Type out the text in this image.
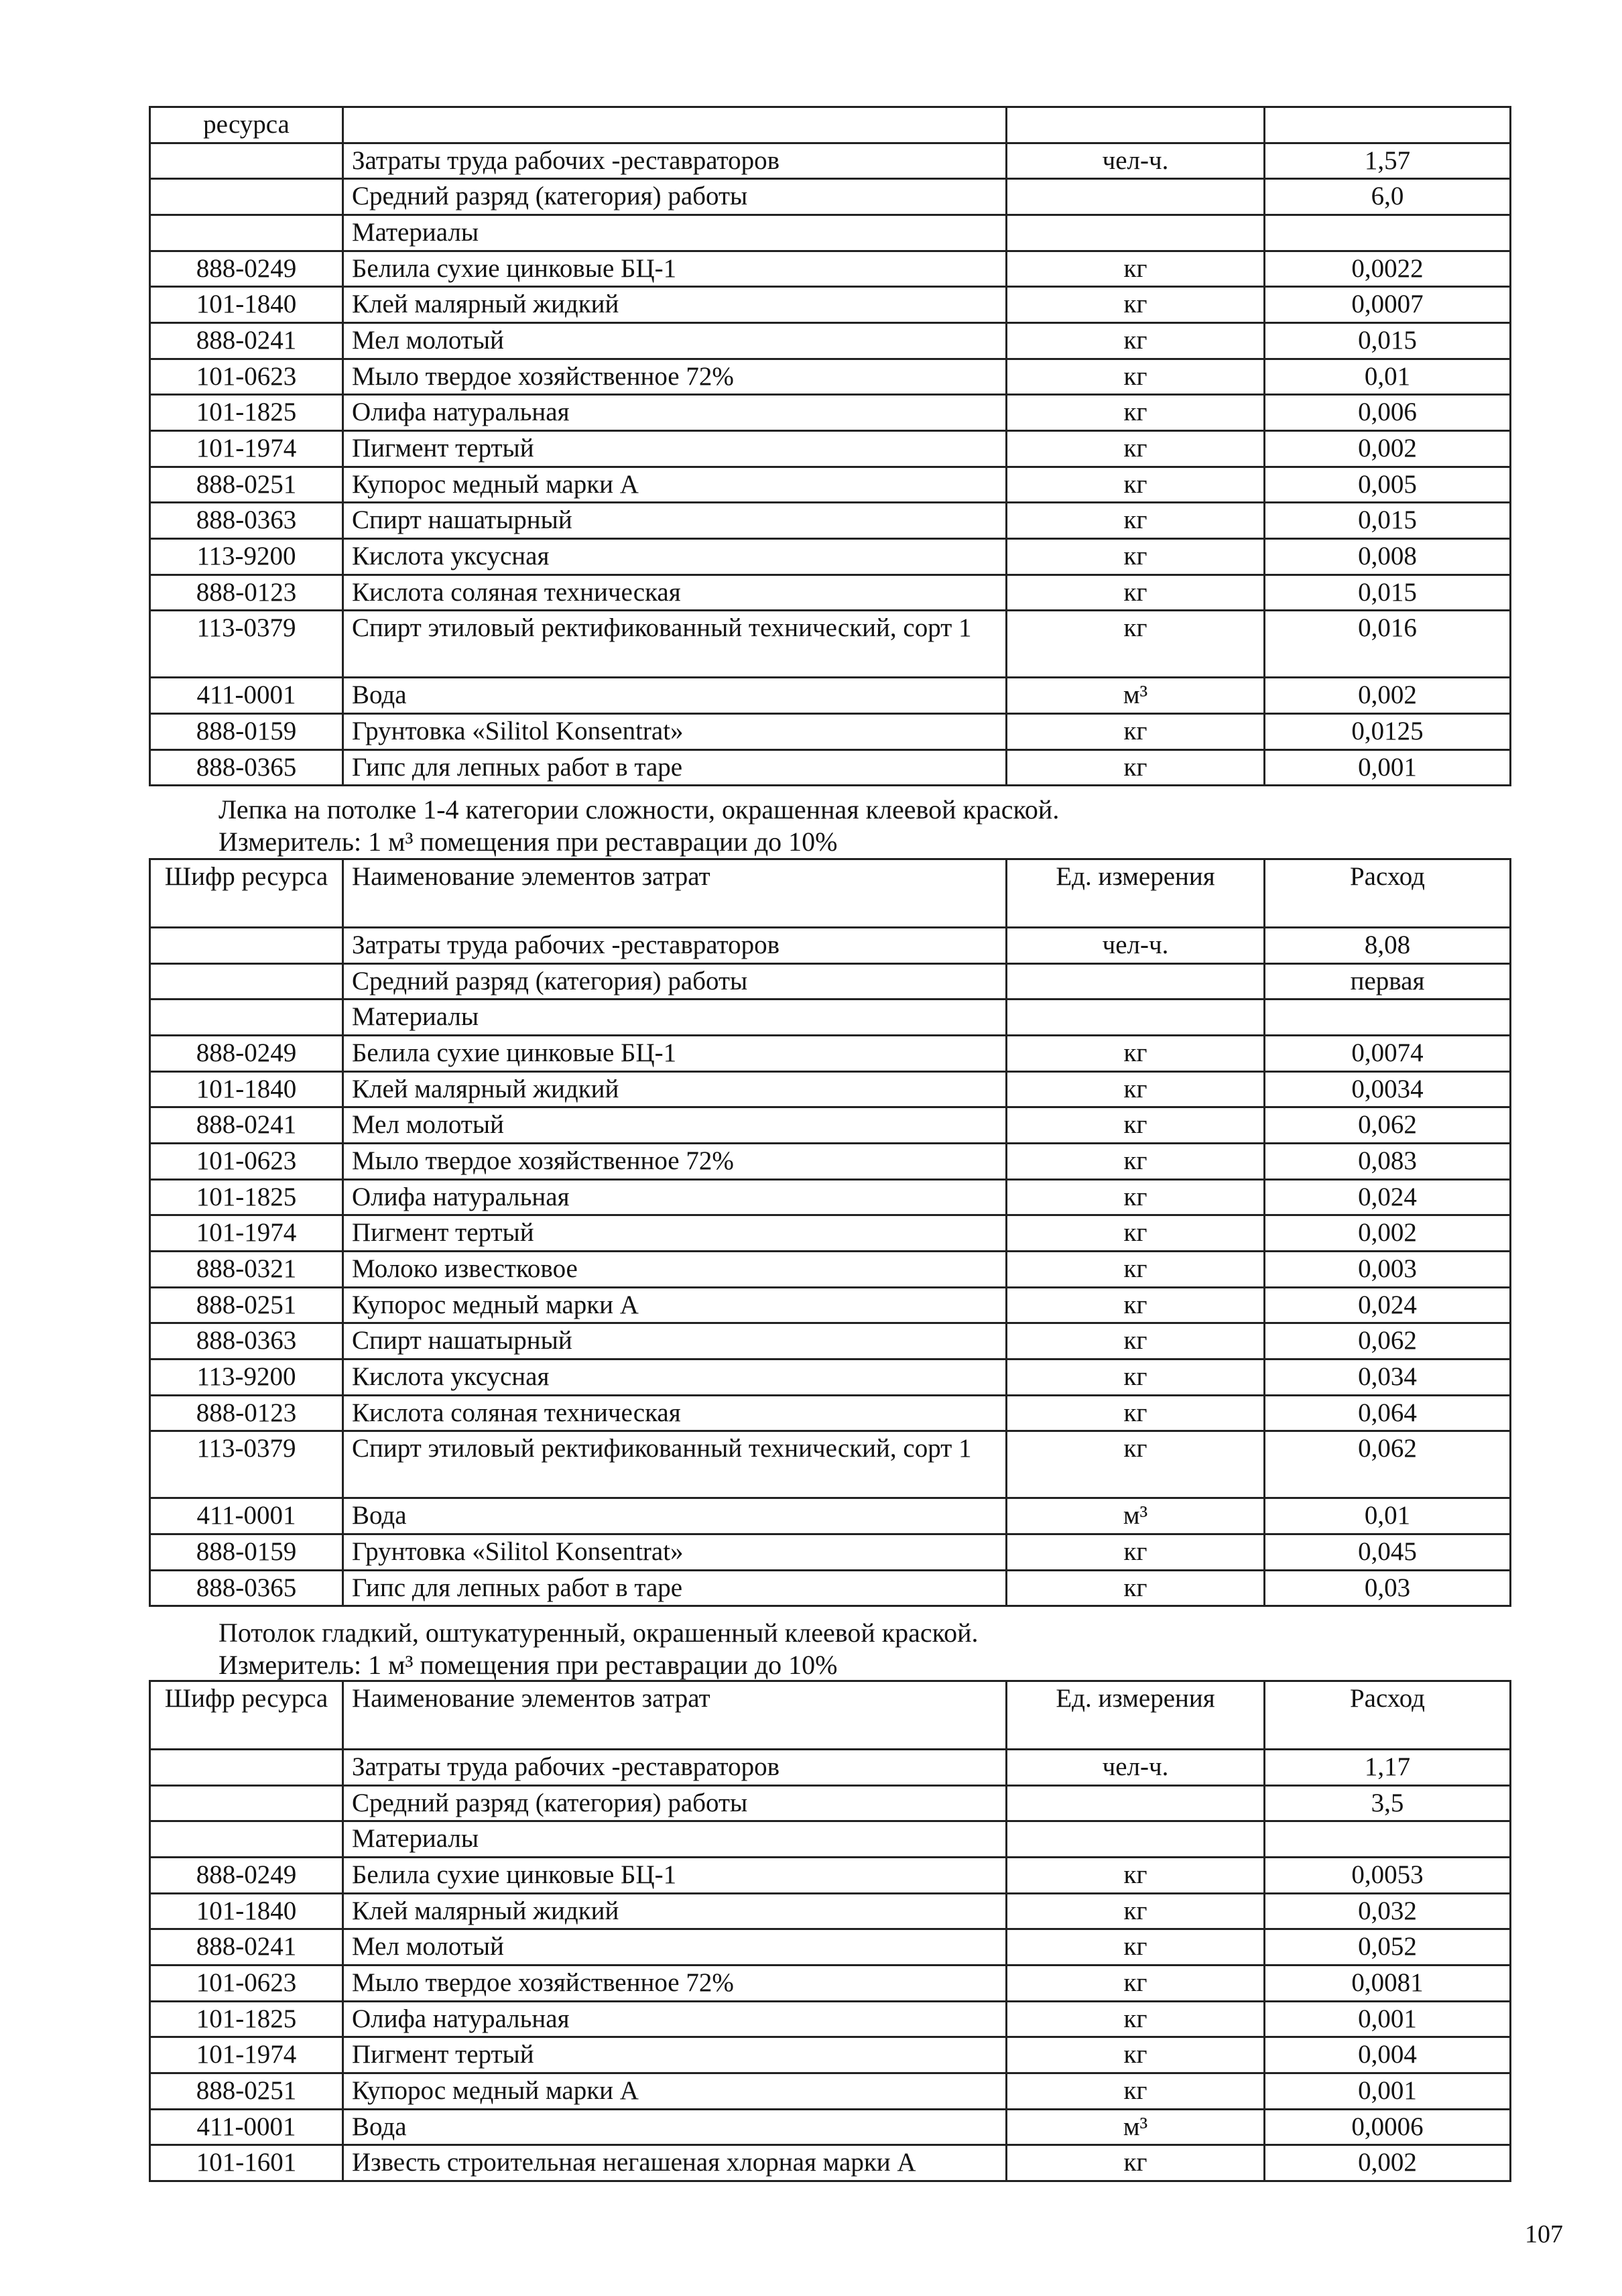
ресурса			
	Затраты труда рабочих -реставраторов	чел-ч.	1,57
	Средний разряд (категория) работы		6,0
	Материалы		
888-0249	Белила сухие цинковые БЦ-1	кг	0,0022
101-1840	Клей малярный жидкий	кг	0,0007
888-0241	Мел молотый	кг	0,015
101-0623	Мыло твердое хозяйственное 72%	кг	0,01
101-1825	Олифа натуральная	кг	0,006
101-1974	Пигмент тертый	кг	0,002
888-0251	Купорос медный марки А	кг	0,005
888-0363	Спирт нашатырный	кг	0,015
113-9200	Кислота уксусная	кг	0,008
888-0123	Кислота соляная техническая	кг	0,015
113-0379	Спирт этиловый ректификованный технический, сорт 1	кг	0,016
411-0001	Вода	м³	0,002
888-0159	Грунтовка «Silitol Konsentrat»	кг	0,0125
888-0365	Гипс для лепных работ в таре	кг	0,001
Лепка на потолке 1-4 категории сложности, окрашенная клеевой краской.
Измеритель: 1 м³ помещения при реставрации до 10%
Шифр ресурса	Наименование элементов затрат	Ед. измерения	Расход
	Затраты труда рабочих -реставраторов	чел-ч.	8,08
	Средний разряд (категория) работы		первая
	Материалы		
888-0249	Белила сухие цинковые БЦ-1	кг	0,0074
101-1840	Клей малярный жидкий	кг	0,0034
888-0241	Мел молотый	кг	0,062
101-0623	Мыло твердое хозяйственное 72%	кг	0,083
101-1825	Олифа натуральная	кг	0,024
101-1974	Пигмент тертый	кг	0,002
888-0321	Молоко известковое	кг	0,003
888-0251	Купорос медный марки А	кг	0,024
888-0363	Спирт нашатырный	кг	0,062
113-9200	Кислота уксусная	кг	0,034
888-0123	Кислота соляная техническая	кг	0,064
113-0379	Спирт этиловый ректификованный технический, сорт 1	кг	0,062
411-0001	Вода	м³	0,01
888-0159	Грунтовка «Silitol Konsentrat»	кг	0,045
888-0365	Гипс для лепных работ в таре	кг	0,03
Потолок гладкий, оштукатуренный, окрашенный клеевой краской.
Измеритель: 1 м³ помещения при реставрации до 10%
Шифр ресурса	Наименование элементов затрат	Ед. измерения	Расход
	Затраты труда рабочих -реставраторов	чел-ч.	1,17
	Средний разряд (категория) работы		3,5
	Материалы		
888-0249	Белила сухие цинковые БЦ-1	кг	0,0053
101-1840	Клей малярный жидкий	кг	0,032
888-0241	Мел молотый	кг	0,052
101-0623	Мыло твердое хозяйственное 72%	кг	0,0081
101-1825	Олифа натуральная	кг	0,001
101-1974	Пигмент тертый	кг	0,004
888-0251	Купорос медный марки А	кг	0,001
411-0001	Вода	м³	0,0006
101-1601	Известь строительная негашеная хлорная марки А	кг	0,002
107
